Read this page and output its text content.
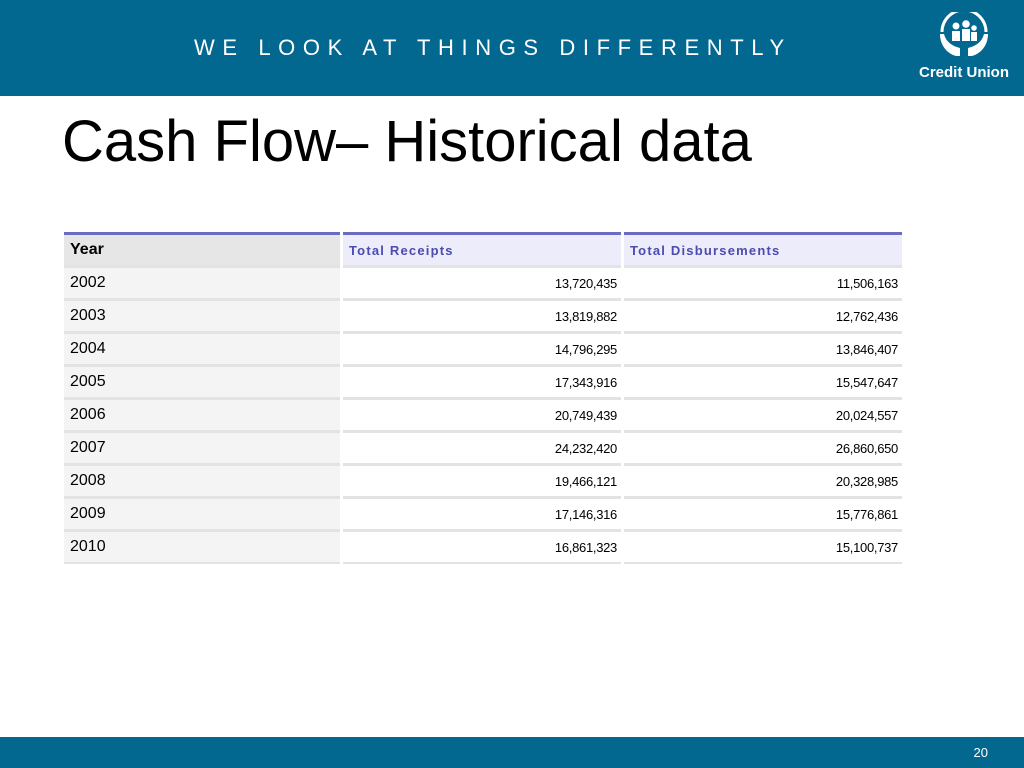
WE LOOK AT THINGS DIFFERENTLY
Credit Union
Cash Flow– Historical data
Year	Total Receipts	Total Disbursements
2002	13,720,435	11,506,163
2003	13,819,882	12,762,436
2004	14,796,295	13,846,407
2005	17,343,916	15,547,647
2006	20,749,439	20,024,557
2007	24,232,420	26,860,650
2008	19,466,121	20,328,985
2009	17,146,316	15,776,861
2010	16,861,323	15,100,737
20
